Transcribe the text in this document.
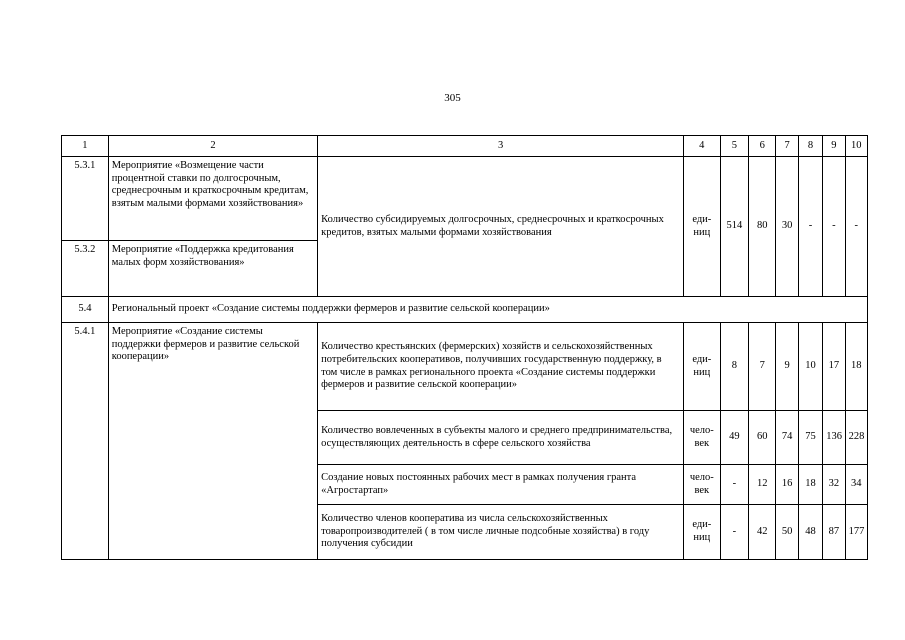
305
1	2	3	4	5	6	7	8	9	10
5.3.1	Мероприятие «Возмещение части процентной ставки по долгосрочным, среднесрочным и краткосрочным кредитам, взятым малыми формами хозяйствования»	Количество субсидируемых долгосрочных, среднесрочных и краткосрочных кредитов, взятых малыми формами хозяйствования	еди-ниц	514	80	30	-	-	-
5.3.2	Мероприятие «Поддержка кредитования малых форм хозяйствования»								
5.4	Региональный проект «Создание системы поддержки фермеров и развитие сельской кооперации»								
5.4.1	Мероприятие «Создание системы поддержки фермеров и развитие сельской кооперации»	Количество крестьянских (фермерских) хозяйств и сельскохозяйственных потребительских кооперативов, получивших государственную поддержку, в том числе в рамках регионального проекта «Создание системы поддержки фермеров и развитие сельской кооперации»	еди-ниц	8	7	9	10	17	18
		Количество вовлеченных в субъекты малого и среднего предпринимательства, осуществляющих деятельность в сфере сельского хозяйства	чело-век	49	60	74	75	136	228
		Создание новых постоянных рабочих мест в рамках получения гранта «Агростартап»	чело-век	-	12	16	18	32	34
		Количество членов кооператива из числа сельскохозяйственных товаропроизводителей ( в том числе личные подсобные хозяйства) в году получения субсидии	еди-ниц	-	42	50	48	87	177
